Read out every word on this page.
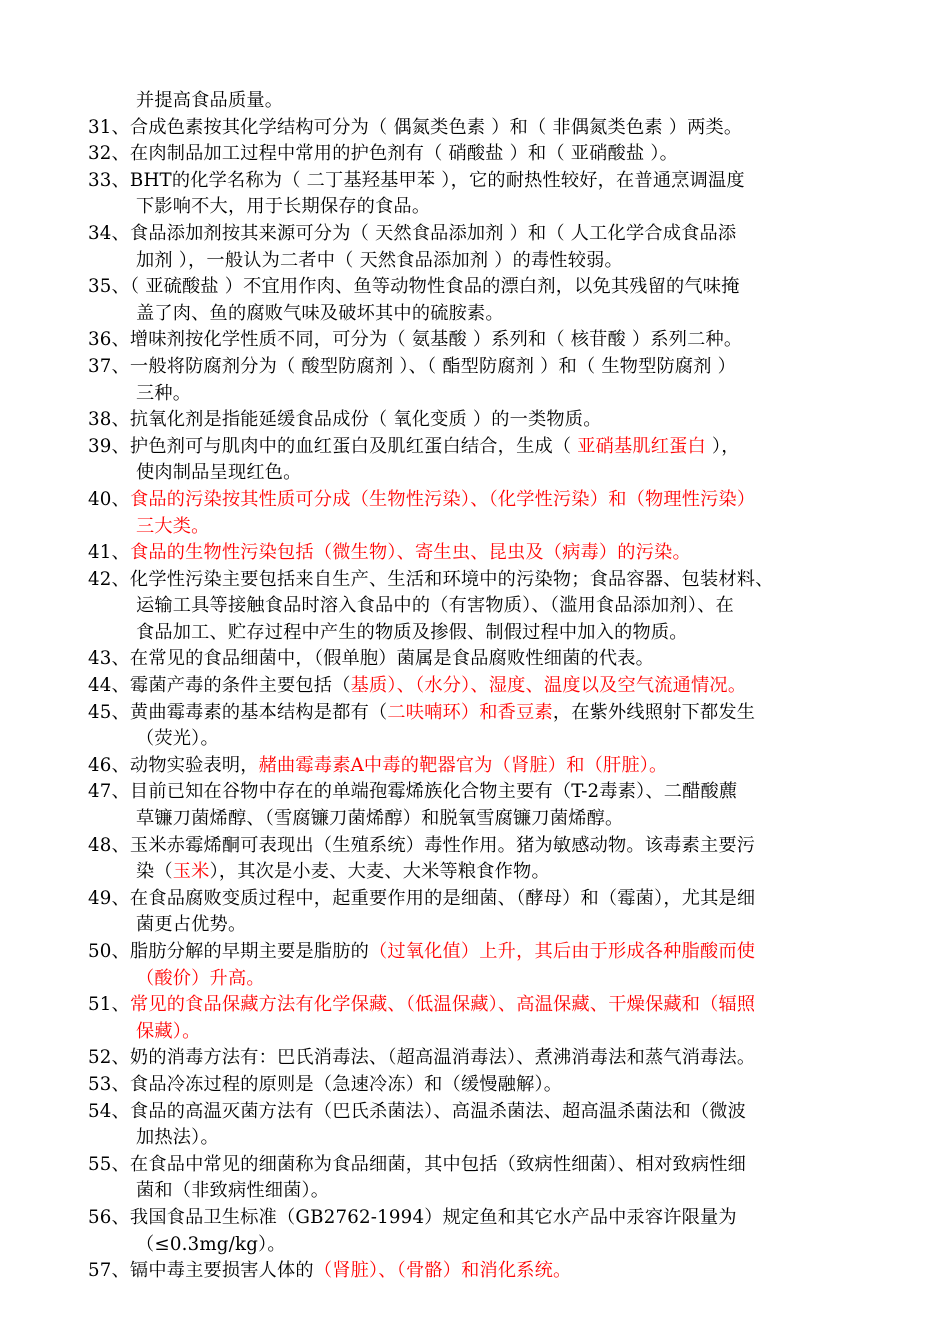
并提高食品质量。
31、合成色素按其化学结构可分为（ 偶氮类色素 ）和（ 非偶氮类色素 ）两类。
32、在肉制品加工过程中常用的护色剂有（ 硝酸盐 ）和（ 亚硝酸盐 ）。
33、BHT的化学名称为（ 二丁基羟基甲苯 ），它的耐热性较好，在普通烹调温度
下影响不大，用于长期保存的食品。
34、食品添加剂按其来源可分为（ 天然食品添加剂 ）和（ 人工化学合成食品添
加剂 ），一般认为二者中（ 天然食品添加剂 ）的毒性较弱。
35、（ 亚硫酸盐 ）不宜用作肉、鱼等动物性食品的漂白剂，以免其残留的气味掩
盖了肉、鱼的腐败气味及破坏其中的硫胺素。
36、增味剂按化学性质不同，可分为（ 氨基酸 ）系列和（ 核苷酸 ）系列二种。
37、一般将防腐剂分为（ 酸型防腐剂 ）、（ 酯型防腐剂 ）和（ 生物型防腐剂 ）
三种。
38、抗氧化剂是指能延缓食品成份（ 氧化变质 ）的一类物质。
39、护色剂可与肌肉中的血红蛋白及肌红蛋白结合，生成（ 亚硝基肌红蛋白 ），
使肉制品呈现红色。
40、食品的污染按其性质可分成（生物性污染）、（化学性污染）和（物理性污染）
三大类。
41、食品的生物性污染包括（微生物）、寄生虫、昆虫及（病毒）的污染。
42、化学性污染主要包括来自生产、生活和环境中的污染物；食品容器、包装材料、
运输工具等接触食品时溶入食品中的（有害物质）、（滥用食品添加剂）、在
食品加工、贮存过程中产生的物质及掺假、制假过程中加入的物质。
43、在常见的食品细菌中，（假单胞）菌属是食品腐败性细菌的代表。
44、霉菌产毒的条件主要包括（基质）、（水分）、湿度、温度以及空气流通情况。
45、黄曲霉毒素的基本结构是都有（二呋喃环）和香豆素，在紫外线照射下都发生
（荧光）。
46、动物实验表明，赭曲霉毒素A中毒的靶器官为（肾脏）和（肝脏）。
47、目前已知在谷物中存在的单端孢霉烯族化合物主要有（T-2毒素）、二醋酸藨
草镰刀菌烯醇、（雪腐镰刀菌烯醇）和脱氧雪腐镰刀菌烯醇。
48、玉米赤霉烯酮可表现出（生殖系统）毒性作用。猪为敏感动物。该毒素主要污
染（玉米），其次是小麦、大麦、大米等粮食作物。
49、在食品腐败变质过程中，起重要作用的是细菌、（酵母）和（霉菌），尤其是细
菌更占优势。
50、脂肪分解的早期主要是脂肪的（过氧化值）上升，其后由于形成各种脂酸而使
（酸价）升高。
51、常见的食品保藏方法有化学保藏、（低温保藏）、高温保藏、干燥保藏和（辐照
保藏）。
52、奶的消毒方法有：巴氏消毒法、（超高温消毒法）、煮沸消毒法和蒸气消毒法。
53、食品冷冻过程的原则是（急速冷冻）和（缓慢融解）。
54、食品的高温灭菌方法有（巴氏杀菌法）、高温杀菌法、超高温杀菌法和（微波
加热法）。
55、在食品中常见的细菌称为食品细菌，其中包括（致病性细菌）、相对致病性细
菌和（非致病性细菌）。
56、我国食品卫生标准（GB2762-1994）规定鱼和其它水产品中汞容许限量为
（≤0.3mg/kg）。
57、镉中毒主要损害人体的（肾脏）、（骨骼）和消化系统。
